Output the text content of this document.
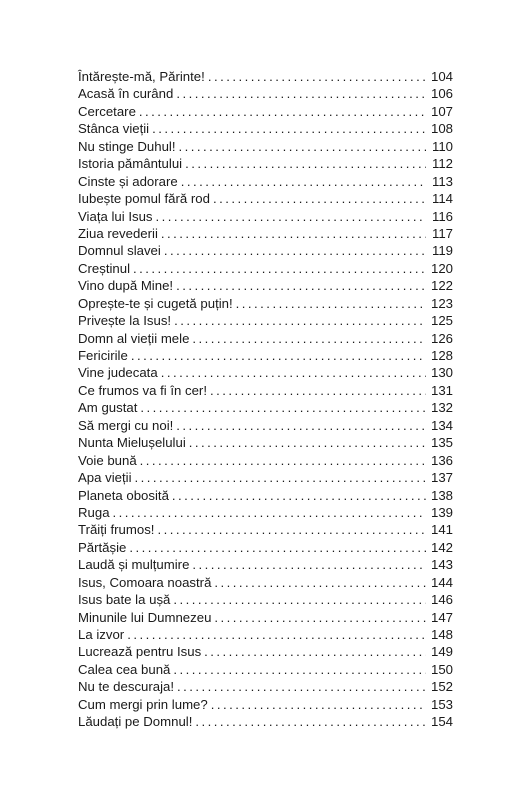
Întărește-mă, Părinte! . . .	104
Acasă în curând . . .	106
Cercetare . . .	107
Stânca vieții . . .	108
Nu stinge Duhul! . . .	110
Istoria pământului . . .	112
Cinste și adorare . . .	113
Iubește pomul fără rod . . .	114
Viața lui Isus . . .	116
Ziua revederii . . .	117
Domnul slavei . . .	119
Creștinul . . .	120
Vino după Mine! . . .	122
Oprește-te și cugetă puțin! . . .	123
Privește la Isus! . . .	125
Domn al vieții mele . . .	126
Fericirile . . .	128
Vine judecata . . .	130
Ce frumos va fi în cer! . . .	131
Am gustat . . .	132
Să mergi cu noi! . . .	134
Nunta Mielușelului . . .	135
Voie bună . . .	136
Apa vieții . . .	137
Planeta obosită . . .	138
Ruga . . .	139
Trăiți frumos! . . .	141
Părtășie . . .	142
Laudă și mulțumire . . .	143
Isus, Comoara noastră . . .	144
Isus bate la ușă . . .	146
Minunile lui Dumnezeu . . .	147
La izvor . . .	148
Lucrează pentru Isus . . .	149
Calea cea bună . . .	150
Nu te descuraja! . . .	152
Cum mergi prin lume? . . .	153
Lăudați pe Domnul! . . .	154
